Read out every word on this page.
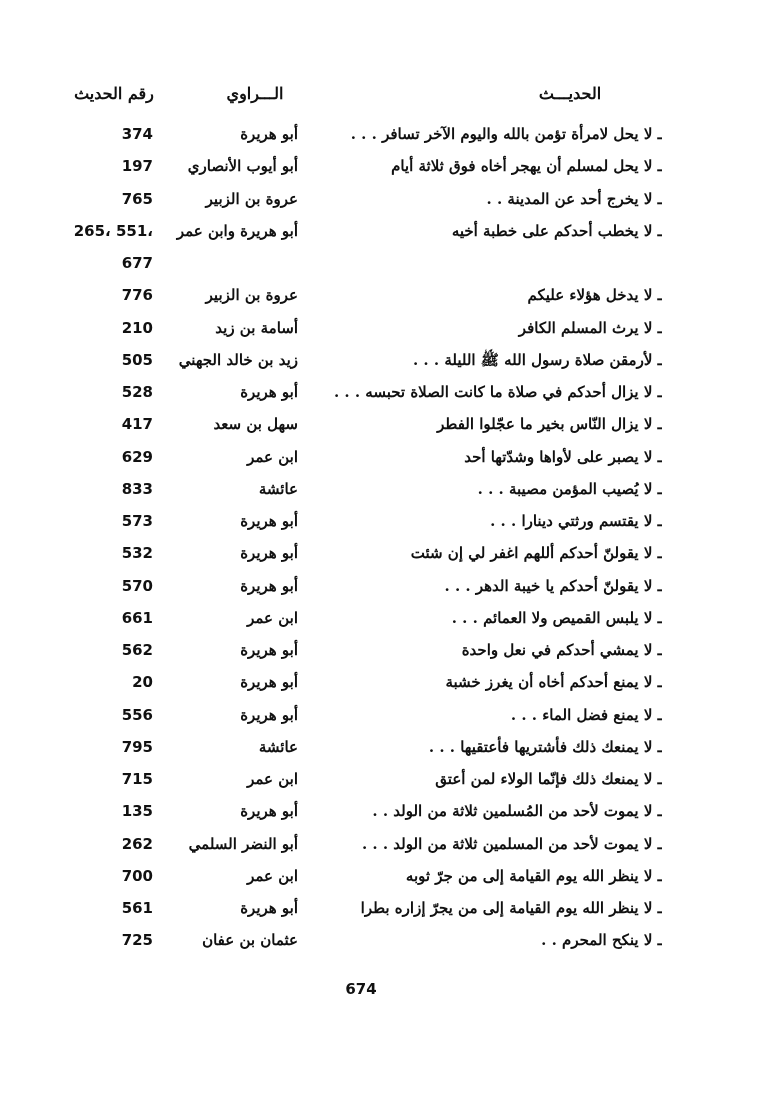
الحديـــث
الـــراوي
رقم الحديث
ـ لا يحل لامرأة تؤمن بالله واليوم الآخر تسافر . . .
أبو هريرة
374
ـ لا يحل لمسلم أن يهجر أخاه فوق ثلاثة أيام
أبو أيوب الأنصاري
197
ـ لا يخرج أحد عن المدينة . .
عروة بن الزبير
765
ـ لا يخطب أحدكم على خطبة أخيه
أبو هريرة وابن عمر
265، 551،
677
ـ لا يدخل هؤلاء عليكم
عروة بن الزبير
776
ـ لا يرث المسلم الكافر
أسامة بن زيد
210
ـ لأرمقن صلاة رسول الله ﷺ الليلة . . .
زيد بن خالد الجهني
505
ـ لا يزال أحدكم في صلاة ما كانت الصلاة تحبسه . . .
أبو هريرة
528
ـ لا يزال النّاس بخير ما عجّلوا الفطر
سهل بن سعد
417
ـ لا يصبر على لأواها وشدّتها أحد
ابن عمر
629
ـ لا يُصيب المؤمن مصيبة . . .
عائشة
833
ـ لا يقتسم ورثتي دينارا . . .
أبو هريرة
573
ـ لا يقولنّ أحدكم أللهم اغفر لي إن شئت
أبو هريرة
532
ـ لا يقولنّ أحدكم يا خيبة الدهر . . .
أبو هريرة
570
ـ لا يلبس القميص ولا العمائم . . .
ابن عمر
661
ـ لا يمشي أحدكم في نعل واحدة
أبو هريرة
562
ـ لا يمنع أحدكم أخاه أن يغرز خشبة
أبو هريرة
20
ـ لا يمنع فضل الماء . . .
أبو هريرة
556
ـ لا يمنعك ذلك فأشتريها فأعتقيها . . .
عائشة
795
ـ لا يمنعك ذلك فإنّما الولاء لمن أعتق
ابن عمر
715
ـ لا يموت لأحد من المُسلمين ثلاثة من الولد . .
أبو هريرة
135
ـ لا يموت لأحد من المسلمين ثلاثة من الولد . . .
أبو النضر السلمي
262
ـ لا ينظر الله يوم القيامة إلى من جرّ ثوبه
ابن عمر
700
ـ لا ينظر الله يوم القيامة إلى من يجرّ إزاره بطرا
أبو هريرة
561
ـ لا ينكح المحرم . .
عثمان بن عفان
725
674
